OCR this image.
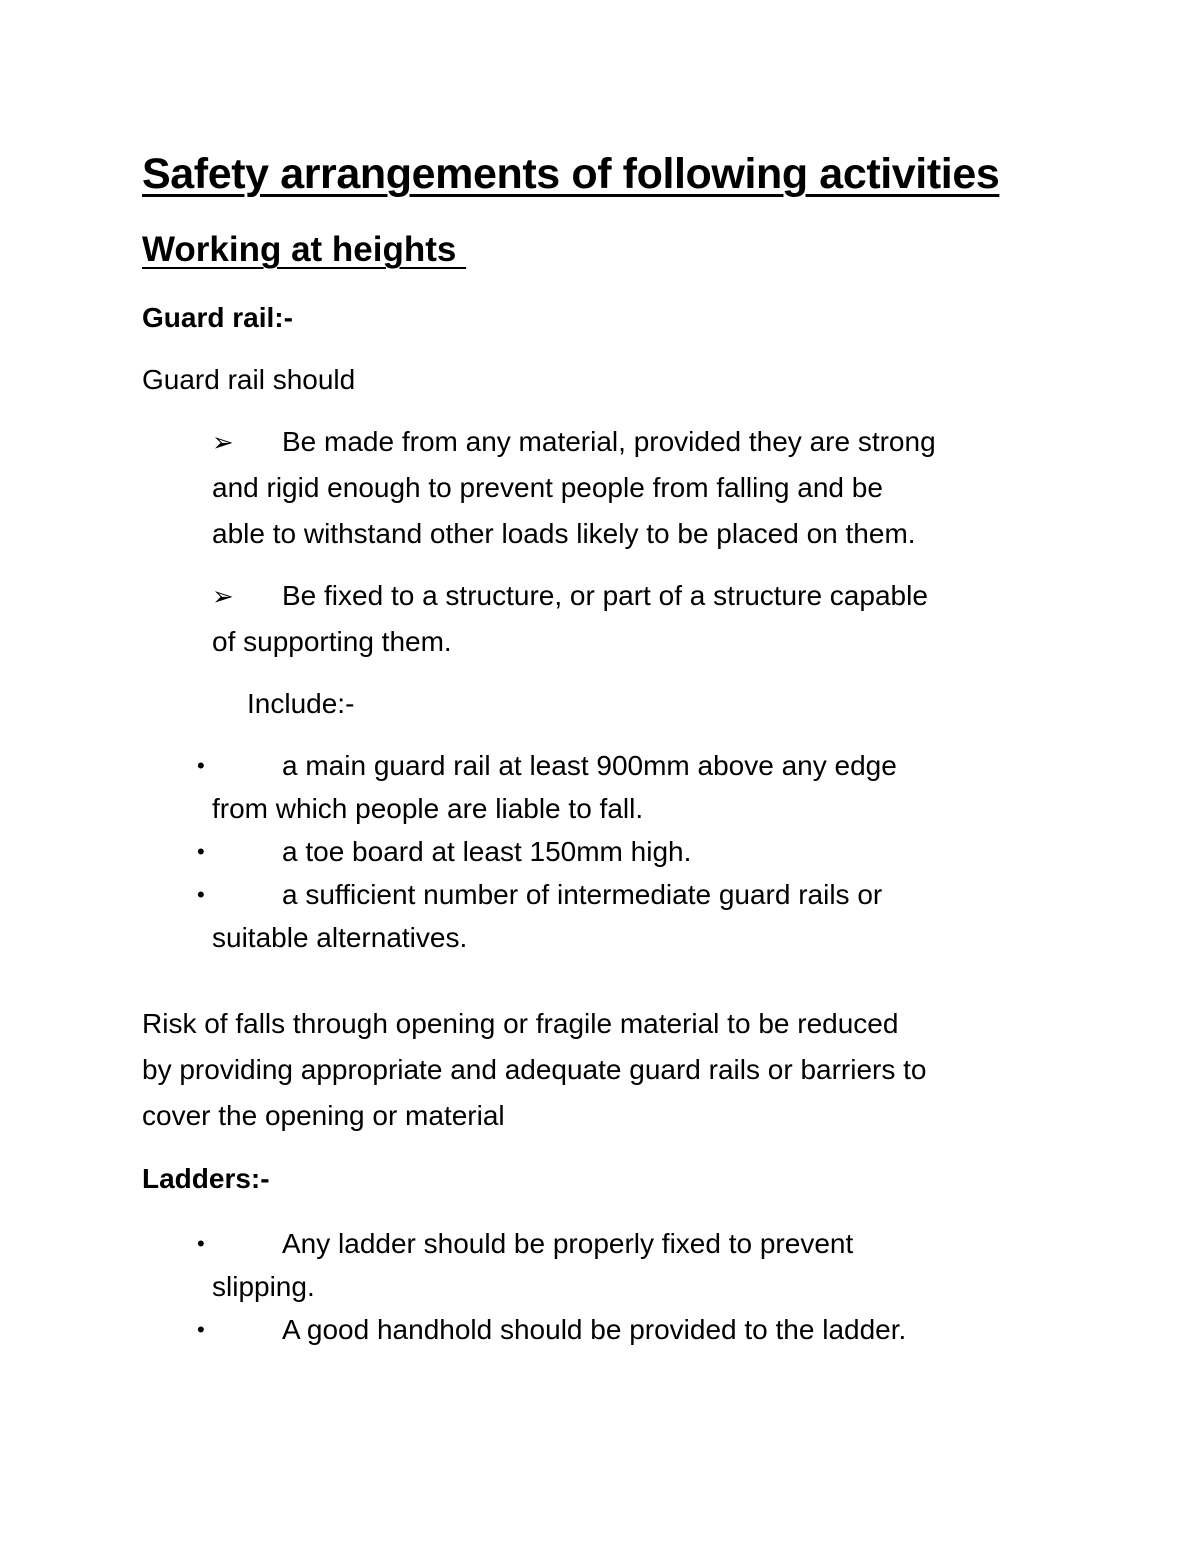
Safety arrangements of following activities
Working at heights
Guard rail:-
Guard rail should
➢ Be made from any material, provided they are strong
and rigid enough to prevent people from falling and be
able to withstand other loads likely to be placed on them.
➢ Be fixed to a structure, or part of a structure capable
of supporting them.
Include:-
•	a main guard rail at least 900mm above any edge
from which people are liable to fall.
•	a toe board at least 150mm high.
•	a sufficient number of intermediate guard rails or
suitable alternatives.
Risk of falls through opening or fragile material to be reduced
by providing appropriate and adequate guard rails or barriers to
cover the opening or material
Ladders:-
•	Any ladder should be properly fixed to prevent
slipping.
•	A good handhold should be provided to the ladder.
